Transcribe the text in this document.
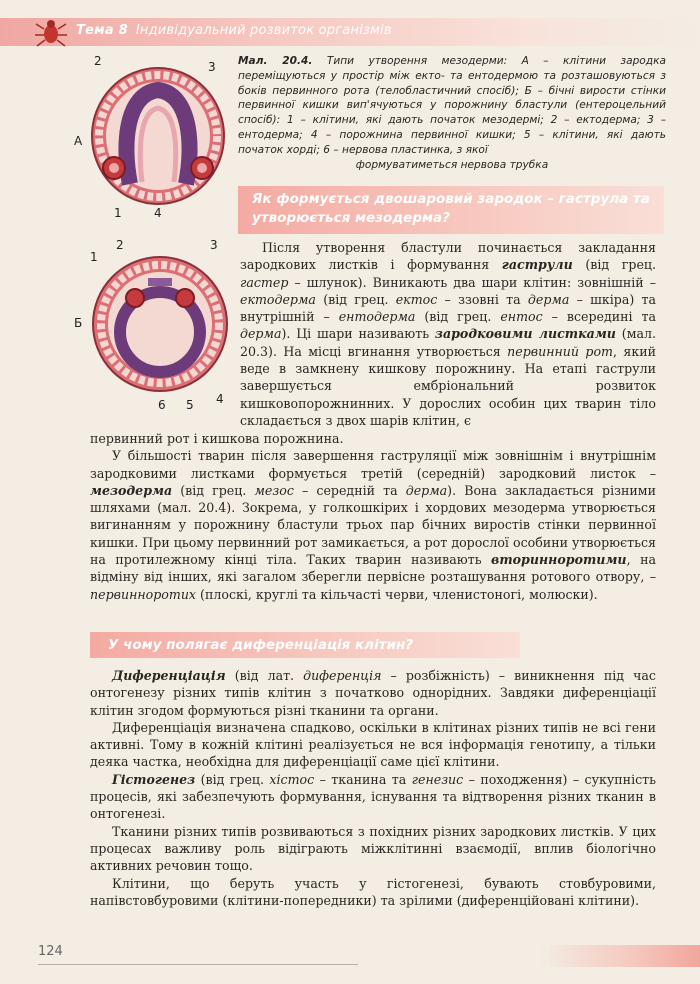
Тема 8 Індивідуальний розвиток організмів
А
2	3
1	4
Б
1
2	3
6 5 4
Мал. 20.4. Типи утворення мезодерми: А – клітини зародка переміщуються у простір між екто- та ентодермою та розташовуються з боків первинного рота (телобластичний спосіб); Б – бічні вирости стінки первинної кишки вип'ячуються у порожнину бластули (ентероцельний спосіб): 1 – клітини, які дають початок мезодермі; 2 – ектодерма; 3 – ентодерма; 4 – порожнина первинної кишки; 5 – клітини, які дають початок хорді; 6 – нервова пластинка, з якої
формуватиметься нервова трубка
Як формується двошаровий зародок – гаструла та
утворюється мезодерма?

Після утворення бластули починається закладання зародкових листків і формування гаструли (від грец. гастер – шлунок). Виникають два шари клітин: зовнішній – ектодерма (від грец. ектос – ззовні та дерма – шкіра) та внутрішній – ентодерма (від грец. ентос – всередині та дерма). Ці шари називають зародковими листками (мал. 20.3). На місці вгинання утворюється первинний рот, який веде в замкнену кишкову порожнину. На етапі гаструли завершується ембріональний розвиток кишковопорожнинних. У дорослих особин цих тварин тіло складається з двох шарів клітин, є

первинний рот і кишкова порожнина.

У більшості тварин після завершення гаструляції між зовнішнім і внутрішнім зародковими листками формується третій (середній) зародковий листок – мезодерма (від грец. мезос – середній та дерма). Вона закладається різними шляхами (мал. 20.4). Зокрема, у голкошкірих і хордових мезодерма утворюється вигинанням у порожнину бластули трьох пар бічних виростів стінки первинної кишки. При цьому первинний рот замикається, а рот дорослої особини утворюється на протилежному кінці тіла. Таких тварин називають вторинноротими, на відміну від інших, які загалом зберегли первісне розташування ротового отвору, – первинноротих (плоскі, круглі та кільчасті черви, членистоногі, молюски).

У чому полягає диференціація клітин?

Диференціація (від лат. диференція – розбіжність) – виникнення під час онтогенезу різних типів клітин з початково однорідних. Завдяки диференціації клітин згодом формуються різні тканини та органи.

Диференціація визначена спадково, оскільки в клітинах різних типів не всі гени активні. Тому в кожній клітині реалізується не вся інформація генотипу, а тільки деяка частка, необхідна для диференціації саме цієї клітини.

Гістогенез (від грец. хістос – тканина та генезис – походження) – сукупність процесів, які забезпечують формування, існування та відтворення різних тканин в онтогенезі.

Тканини різних типів розвиваються з похідних різних зародкових листків. У цих процесах важливу роль відіграють міжклітинні взаємодії, вплив біологічно активних речовин тощо.

Клітини, що беруть участь у гістогенезі, бувають стовбуровими, напівстовбуровими (клітини-попередники) та зрілими (диференційовані клітини).

124
